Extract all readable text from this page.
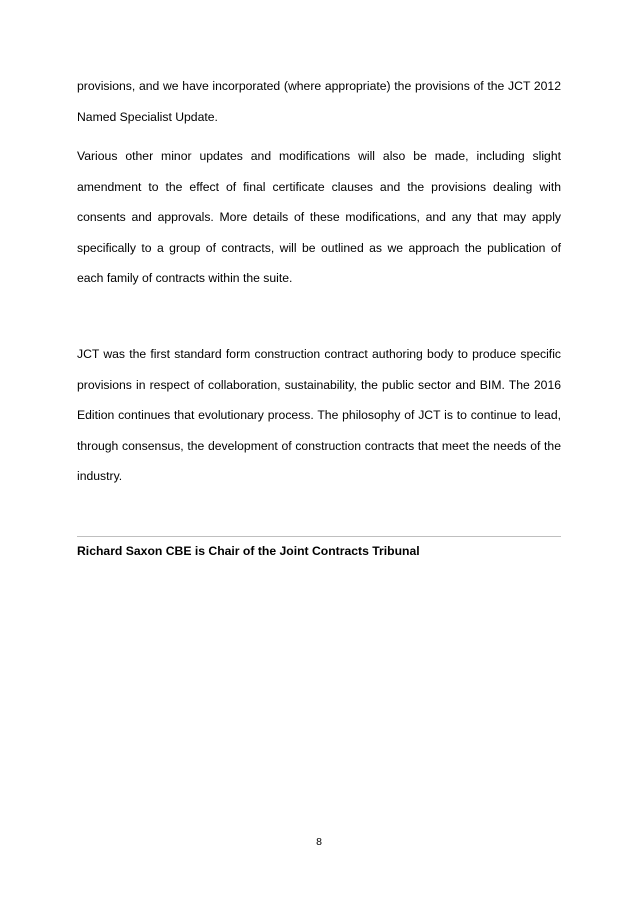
provisions, and we have incorporated (where appropriate) the provisions of the JCT 2012 Named Specialist Update.

Various other minor updates and modifications will also be made, including slight amendment to the effect of final certificate clauses and the provisions dealing with consents and approvals. More details of these modifications, and any that may apply specifically to a group of contracts, will be outlined as we approach the publication of each family of contracts within the suite.

JCT was the first standard form construction contract authoring body to produce specific provisions in respect of collaboration, sustainability, the public sector and BIM. The 2016 Edition continues that evolutionary process. The philosophy of JCT is to continue to lead, through consensus, the development of construction contracts that meet the needs of the industry.

Richard Saxon CBE is Chair of the Joint Contracts Tribunal

8
